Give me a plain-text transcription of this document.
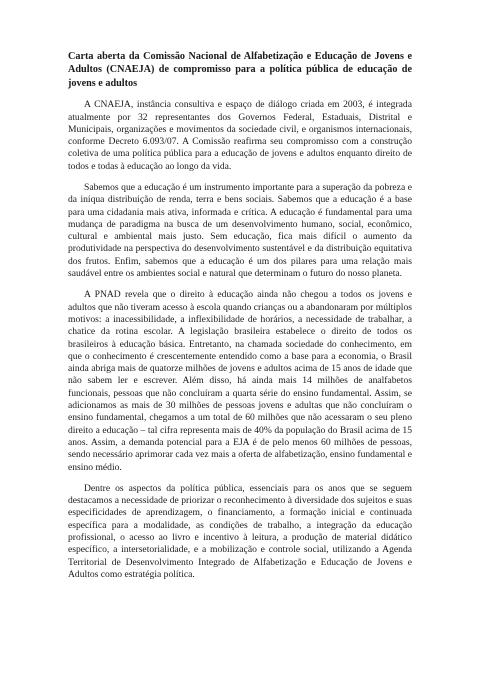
Carta aberta da Comissão Nacional de Alfabetização e Educação de Jovens e Adultos (CNAEJA) de compromisso para a política pública de educação de jovens e adultos

A CNAEJA, instância consultiva e espaço de diálogo criada em 2003, é integrada atualmente por 32 representantes dos Governos Federal, Estaduais, Distrital e Municipais, organizações e movimentos da sociedade civil, e organismos internacionais, conforme Decreto 6.093/07. A Comissão reafirma seu compromisso com a construção coletiva de uma política pública para a educação de jovens e adultos enquanto direito de todos e todas à educação ao longo da vida.

Sabemos que a educação é um instrumento importante para a superação da pobreza e da iníqua distribuição de renda, terra e bens sociais. Sabemos que a educação é a base para uma cidadania mais ativa, informada e crítica. A educação é fundamental para uma mudança de paradigma na busca de um desenvolvimento humano, social, econômico, cultural e ambiental mais justo. Sem educação, fica mais difícil o aumento da produtividade na perspectiva do desenvolvimento sustentável e da distribuição equitativa dos frutos. Enfim, sabemos que a educação é um dos pilares para uma relação mais saudável entre os ambientes social e natural que determinam o futuro do nosso planeta.

A PNAD revela que o direito à educação ainda não chegou a todos os jovens e adultos que não tiveram acesso à escola quando crianças ou a abandonaram por múltiplos motivos: a inacessibilidade, a inflexibilidade de horários, a necessidade de trabalhar, a chatice da rotina escolar. A legislação brasileira estabelece o direito de todos os brasileiros à educação básica. Entretanto, na chamada sociedade do conhecimento, em que o conhecimento é crescentemente entendido como a base para a economia, o Brasil ainda abriga mais de quatorze milhões de jovens e adultos acima de 15 anos de idade que não sabem ler e escrever. Além disso, há ainda mais 14 milhões de analfabetos funcionais, pessoas que não concluíram a quarta série do ensino fundamental. Assim, se adicionamos as mais de 30 milhões de pessoas jovens e adultas que não concluíram o ensino fundamental, chegamos a um total de 60 milhões que não acessaram o seu pleno direito a educação – tal cifra representa mais de 40% da população do Brasil acima de 15 anos. Assim, a demanda potencial para a EJA é de pelo menos 60 milhões de pessoas, sendo necessário aprimorar cada vez mais a oferta de alfabetização, ensino fundamental e ensino médio.

Dentre os aspectos da política pública, essenciais para os anos que se seguem destacamos a necessidade de priorizar o reconhecimento à diversidade dos sujeitos e suas especificidades de aprendizagem, o financiamento, a formação inicial e continuada específica para a modalidade, as condições de trabalho, a integração da educação profissional, o acesso ao livro e incentivo à leitura, a produção de material didático específico, a intersetorialidade, e a mobilização e controle social, utilizando a Agenda Territorial de Desenvolvimento Integrado de Alfabetização e Educação de Jovens e Adultos como estratégia política.
